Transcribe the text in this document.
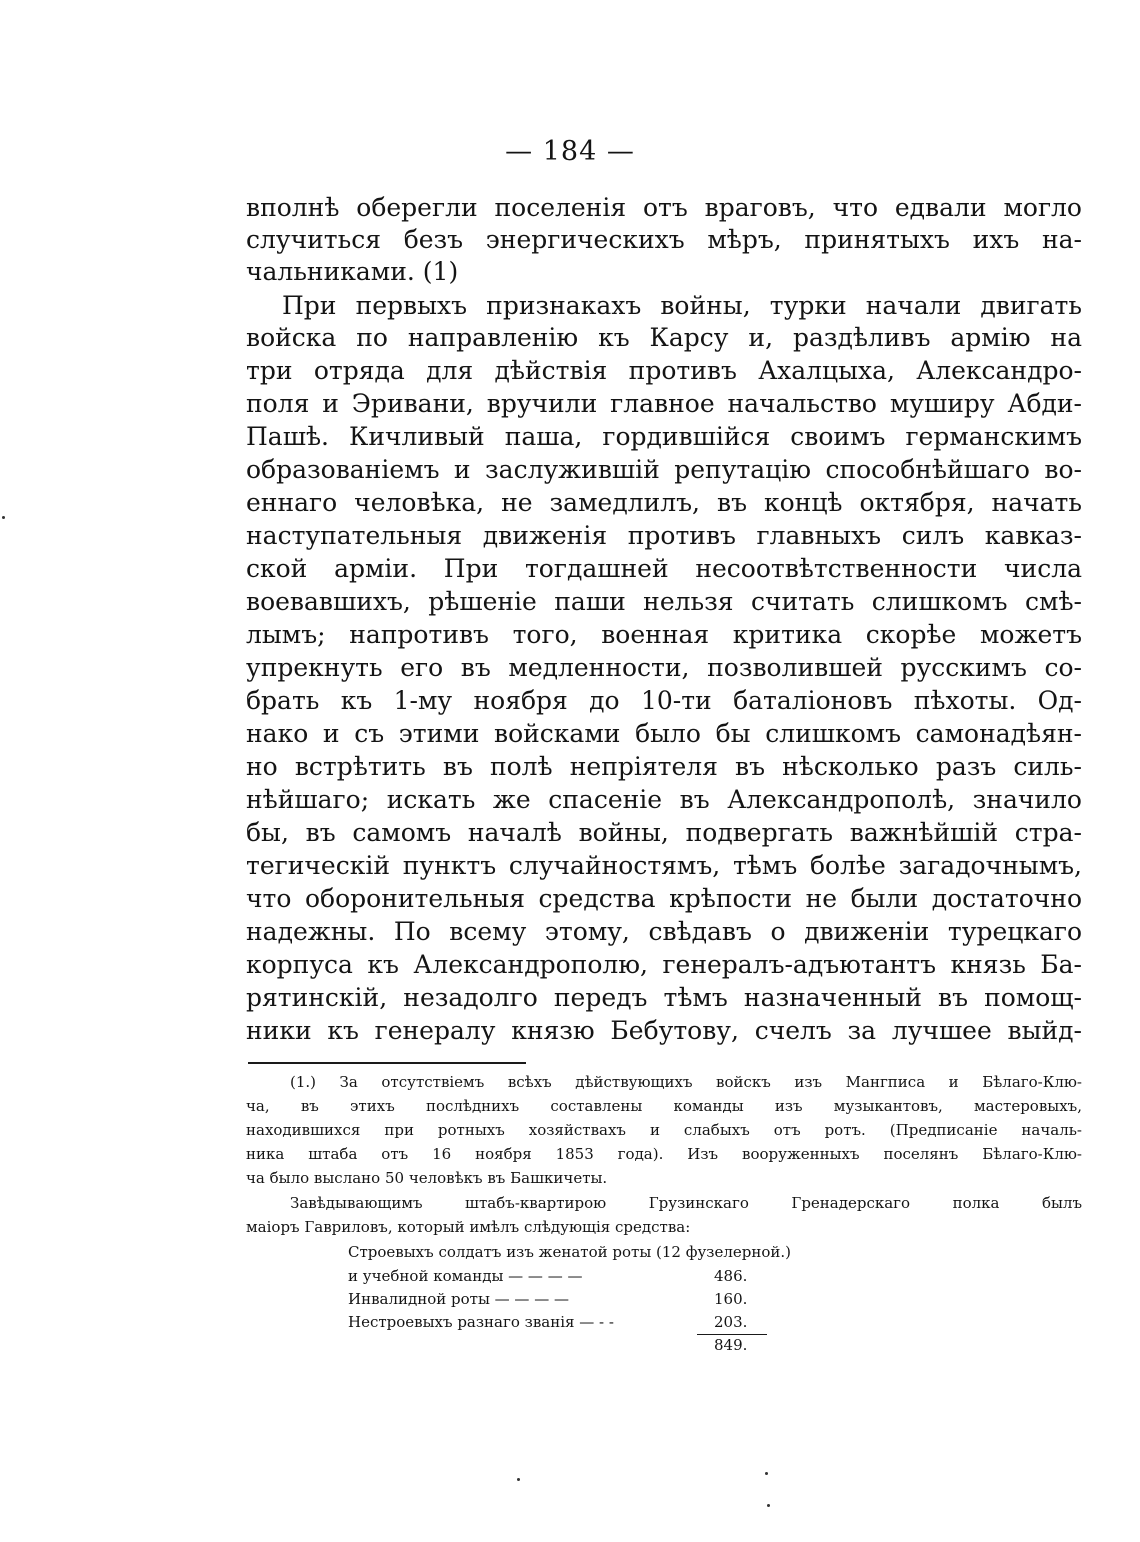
— 184 —
вполнѣ оберегли поселенія отъ враговъ, что едвали могло
случиться безъ энергическихъ мѣръ, принятыхъ ихъ на-
чальниками. (1)
При первыхъ признакахъ войны, турки начали двигать
войска по направленію къ Карсу и, раздѣливъ армію на
три отряда для дѣйствія противъ Ахалцыха, Александро-
поля и Эривани, вручили главное начальство муширу Абди-
Пашѣ. Кичливый паша, гордившійся своимъ германскимъ
образованіемъ и заслужившій репутацію способнѣйшаго во-
еннаго человѣка, не замедлилъ, въ концѣ октября, начать
наступательныя движенія противъ главныхъ силъ кавказ-
ской арміи. При тогдашней несоотвѣтственности числа
воевавшихъ, рѣшеніе паши нельзя считать слишкомъ смѣ-
лымъ; напротивъ того, военная критика скорѣе можетъ
упрекнуть его въ медленности, позволившей русскимъ со-
брать къ 1-му ноября до 10-ти баталіоновъ пѣхоты. Од-
нако и съ этими войсками было бы слишкомъ самонадѣян-
но встрѣтить въ полѣ непріятеля въ нѣсколько разъ силь-
нѣйшаго; искать же спасеніе въ Александрополѣ, значило
бы, въ самомъ началѣ войны, подвергать важнѣйшій стра-
тегическій пунктъ случайностямъ, тѣмъ болѣе загадочнымъ,
что оборонительныя средства крѣпости не были достаточно
надежны. По всему этому, свѣдавъ о движеніи турецкаго
корпуса къ Александрополю, генералъ-адъютантъ князь Ба-
рятинскій, незадолго передъ тѣмъ назначенный въ помощ-
ники къ генералу князю Бебутову, счелъ за лучшее выйд-
(1.) За отсутствіемъ всѣхъ дѣйствующихъ войскъ изъ Мангписа и Бѣлаго-Клю-
ча, въ этихъ послѣднихъ составлены команды изъ музыкантовъ, мастеровыхъ,
находившихся при ротныхъ хозяйствахъ и слабыхъ отъ ротъ. (Предписаніе началь-
ника штаба отъ 16 ноября 1853 года). Изъ вооруженныхъ поселянъ Бѣлаго-Клю-
ча было выслано 50 человѣкъ въ Башкичеты.
Завѣдывающимъ штабъ-квартирою Грузинскаго Гренадерскаго полка былъ
маіоръ Гавриловъ, который имѣлъ слѣдующія средства:
Строевыхъ солдатъ изъ женатой роты (12 фузелерной.)
и учебной команды — — — —	486.
Инвалидной роты — — — —	160.
Нестроевыхъ разнаго званія — - -	203.
849.
